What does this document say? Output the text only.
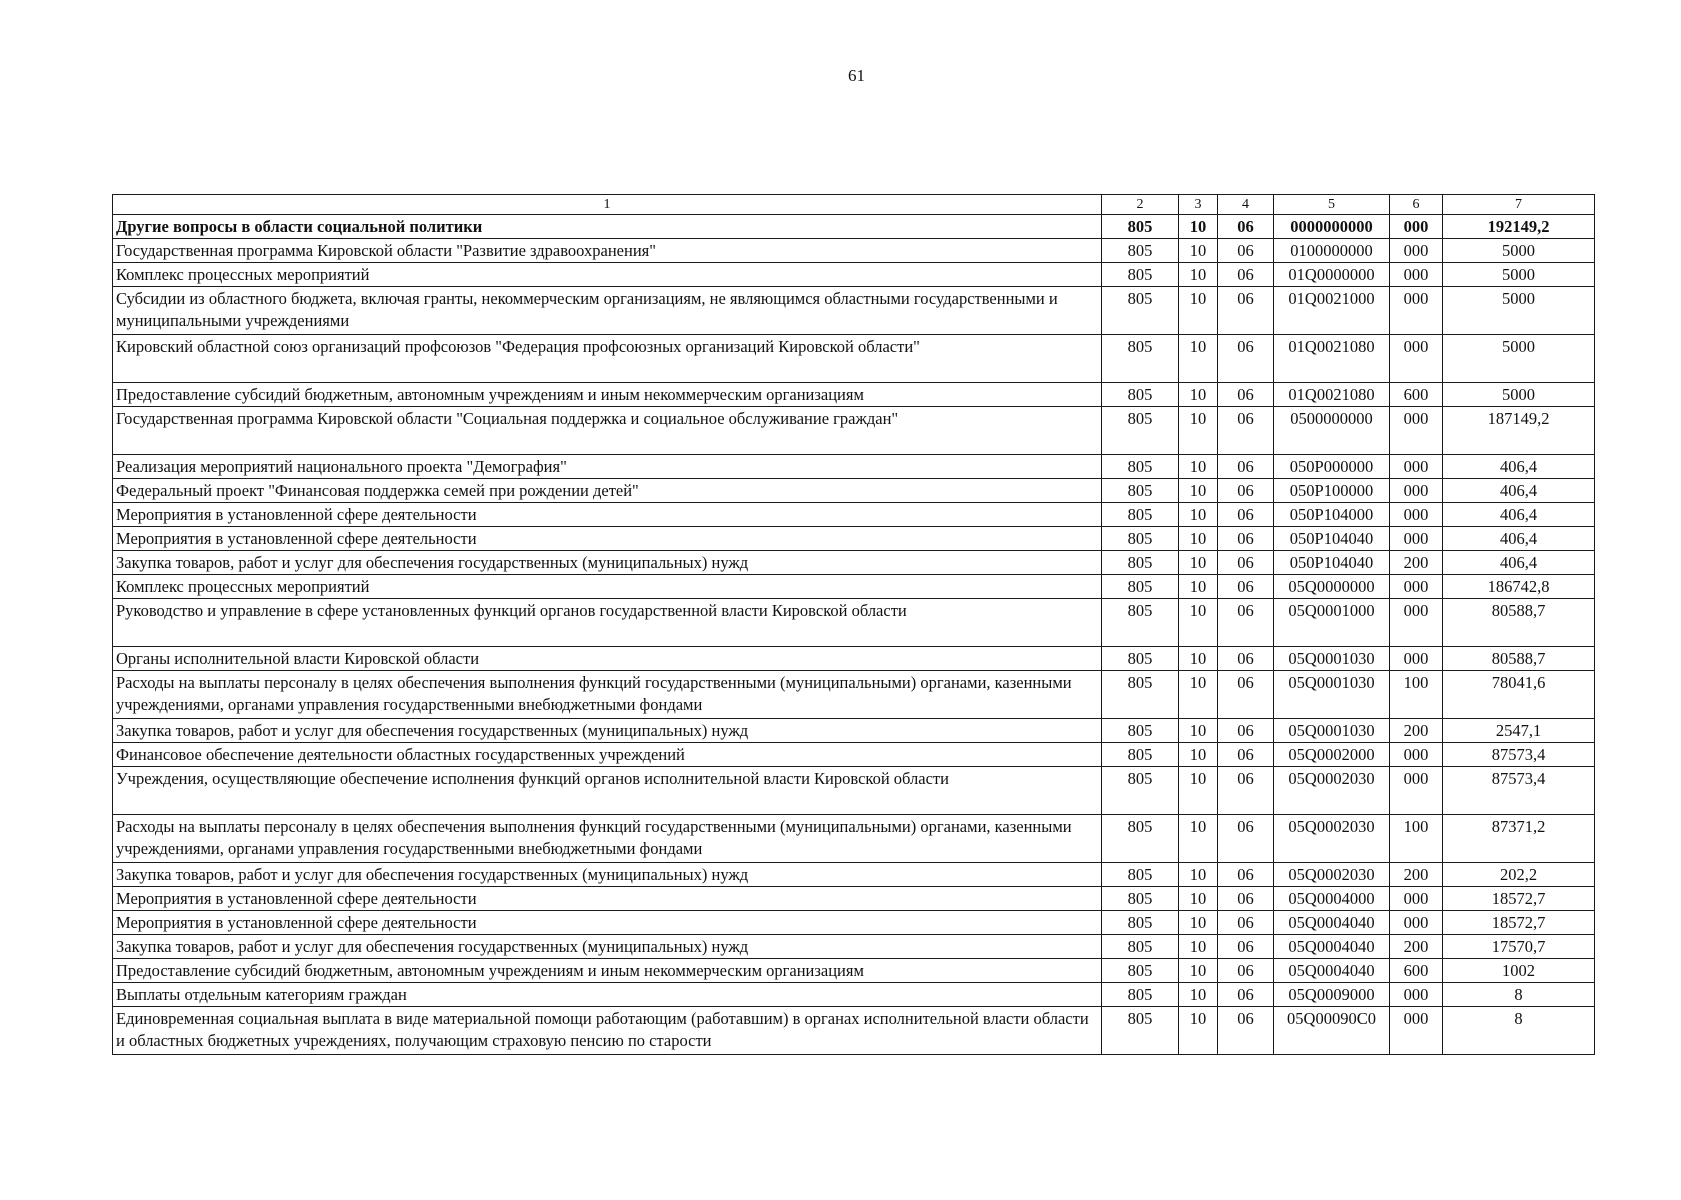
61
1	2	3	4	5	6	7
Другие вопросы в области социальной политики	805	10	06	0000000000	000	192149,2
Государственная программа Кировской области "Развитие здравоохранения"	805	10	06	0100000000	000	5000
Комплекс процессных мероприятий	805	10	06	01Q0000000	000	5000
Субсидии из областного бюджета, включая гранты, некоммерческим организациям, не являющимся областными государственными и муниципальными учреждениями	805	10	06	01Q0021000	000	5000
Кировский областной союз организаций профсоюзов "Федерация профсоюзных организаций Кировской области"	805	10	06	01Q0021080	000	5000
Предоставление субсидий бюджетным, автономным учреждениям и иным некоммерческим организациям	805	10	06	01Q0021080	600	5000
Государственная программа Кировской области "Социальная поддержка и социальное обслуживание граждан"	805	10	06	0500000000	000	187149,2
Реализация мероприятий национального проекта "Демография"	805	10	06	050P000000	000	406,4
Федеральный проект "Финансовая поддержка семей при рождении детей"	805	10	06	050P100000	000	406,4
Мероприятия в установленной сфере деятельности	805	10	06	050P104000	000	406,4
Мероприятия в установленной сфере деятельности	805	10	06	050P104040	000	406,4
Закупка товаров, работ и услуг для обеспечения государственных (муниципальных) нужд	805	10	06	050P104040	200	406,4
Комплекс процессных мероприятий	805	10	06	05Q0000000	000	186742,8
Руководство и управление в сфере установленных функций органов государственной власти Кировской области	805	10	06	05Q0001000	000	80588,7
Органы исполнительной власти Кировской области	805	10	06	05Q0001030	000	80588,7
Расходы на выплаты персоналу в целях обеспечения выполнения функций государственными (муниципальными) органами, казенными учреждениями, органами управления государственными внебюджетными фондами	805	10	06	05Q0001030	100	78041,6
Закупка товаров, работ и услуг для обеспечения государственных (муниципальных) нужд	805	10	06	05Q0001030	200	2547,1
Финансовое обеспечение деятельности областных государственных учреждений	805	10	06	05Q0002000	000	87573,4
Учреждения, осуществляющие обеспечение исполнения функций органов исполнительной власти Кировской области	805	10	06	05Q0002030	000	87573,4
Расходы на выплаты персоналу в целях обеспечения выполнения функций государственными (муниципальными) органами, казенными учреждениями, органами управления государственными внебюджетными фондами	805	10	06	05Q0002030	100	87371,2
Закупка товаров, работ и услуг для обеспечения государственных (муниципальных) нужд	805	10	06	05Q0002030	200	202,2
Мероприятия в установленной сфере деятельности	805	10	06	05Q0004000	000	18572,7
Мероприятия в установленной сфере деятельности	805	10	06	05Q0004040	000	18572,7
Закупка товаров, работ и услуг для обеспечения государственных (муниципальных) нужд	805	10	06	05Q0004040	200	17570,7
Предоставление субсидий бюджетным, автономным учреждениям и иным некоммерческим организациям	805	10	06	05Q0004040	600	1002
Выплаты отдельным категориям граждан	805	10	06	05Q0009000	000	8
Единовременная социальная выплата в виде материальной помощи работающим (работавшим) в органах исполнительной власти области и областных бюджетных учреждениях, получающим страховую пенсию по старости	805	10	06	05Q00090C0	000	8
